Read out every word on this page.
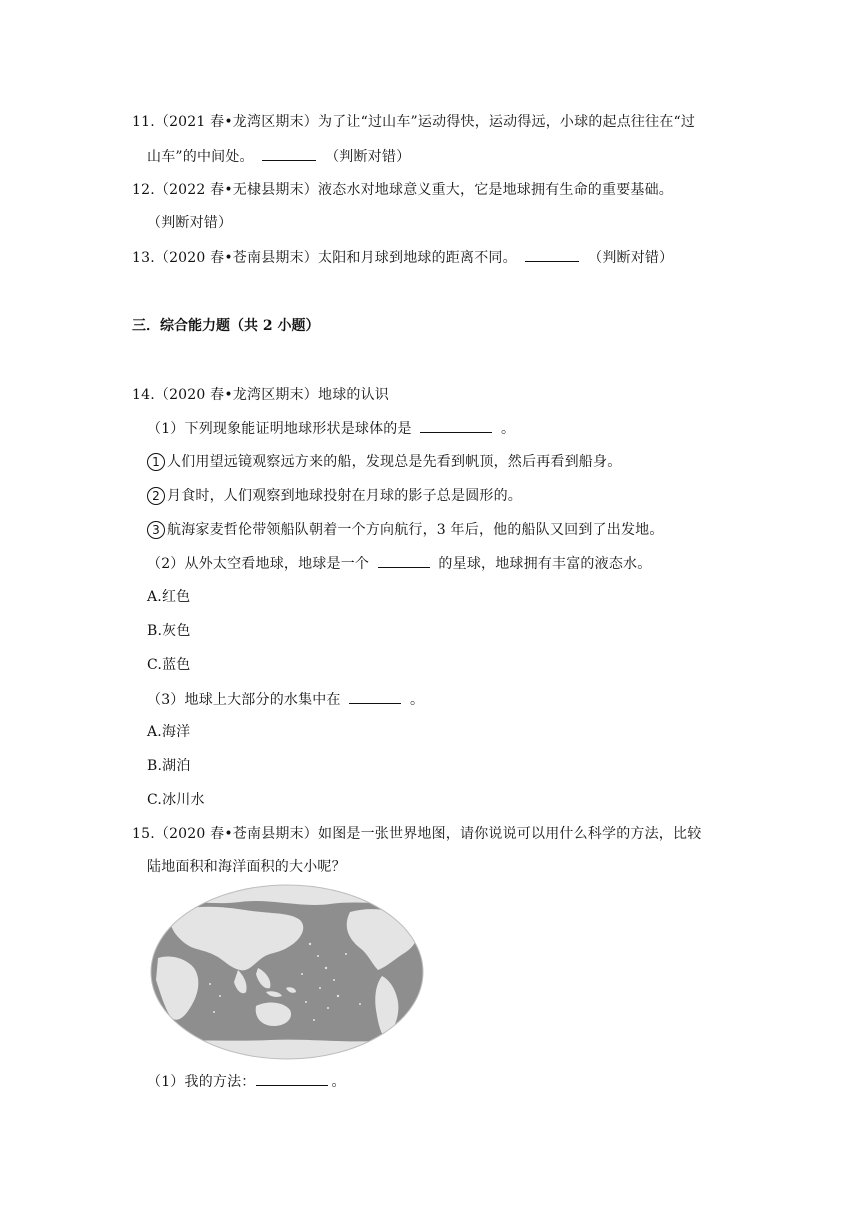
11.（2021 春•龙湾区期末）为了让“过山车”运动得快，运动得远，小球的起点往往在“过
山车”的中间处。	（判断对错）
12.（2022 春•无棣县期末）液态水对地球意义重大，它是地球拥有生命的重要基础。
（判断对错）
13.（2020 春•苍南县期末）太阳和月球到地球的距离不同。	（判断对错）
三．综合能力题（共 2 小题）
14.（2020 春•龙湾区期末）地球的认识
（1）下列现象能证明地球形状是球体的是	。
1 人们用望远镜观察远方来的船，发现总是先看到帆顶，然后再看到船身。
2 月食时，人们观察到地球投射在月球的影子总是圆形的。
3 航海家麦哲伦带领船队朝着一个方向航行，3 年后，他的船队又回到了出发地。
（2）从外太空看地球，地球是一个	的星球，地球拥有丰富的液态水。
A.红色
B.灰色
C.蓝色
（3）地球上大部分的水集中在	。
A.海洋
B.湖泊
C.冰川水
15.（2020 春•苍南县期末）如图是一张世界地图，请你说说可以用什么科学的方法，比较
陆地面积和海洋面积的大小呢？
（1）我的方法：	。
